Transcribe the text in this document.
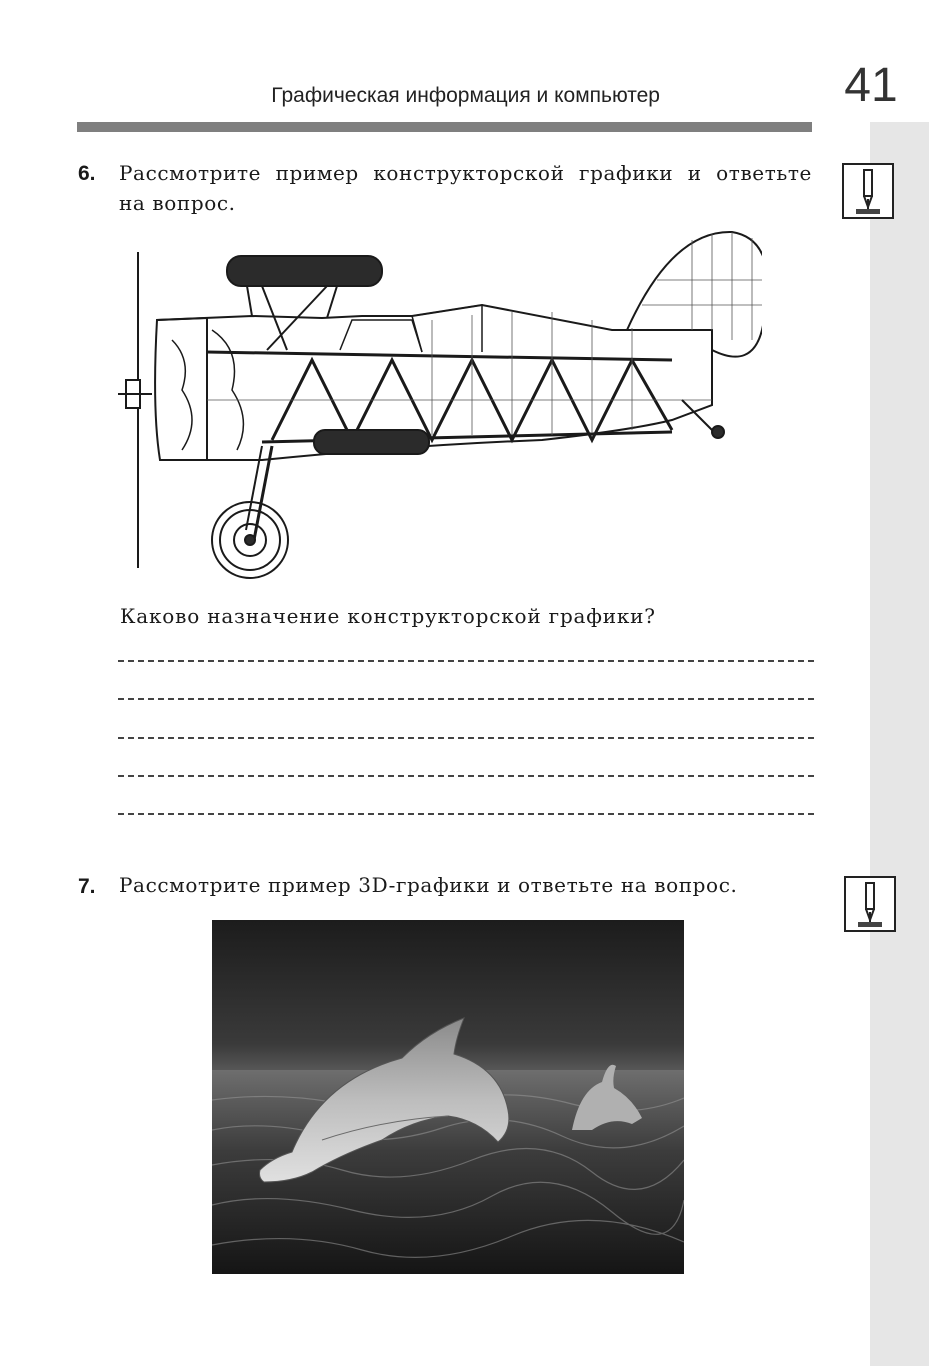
Графическая информация и компьютер	41
6. Рассмотрите пример конструкторской графики и ответьте
на вопрос.
Каково назначение конструкторской графики?
7. Рассмотрите пример 3D-графики и ответьте на вопрос.
